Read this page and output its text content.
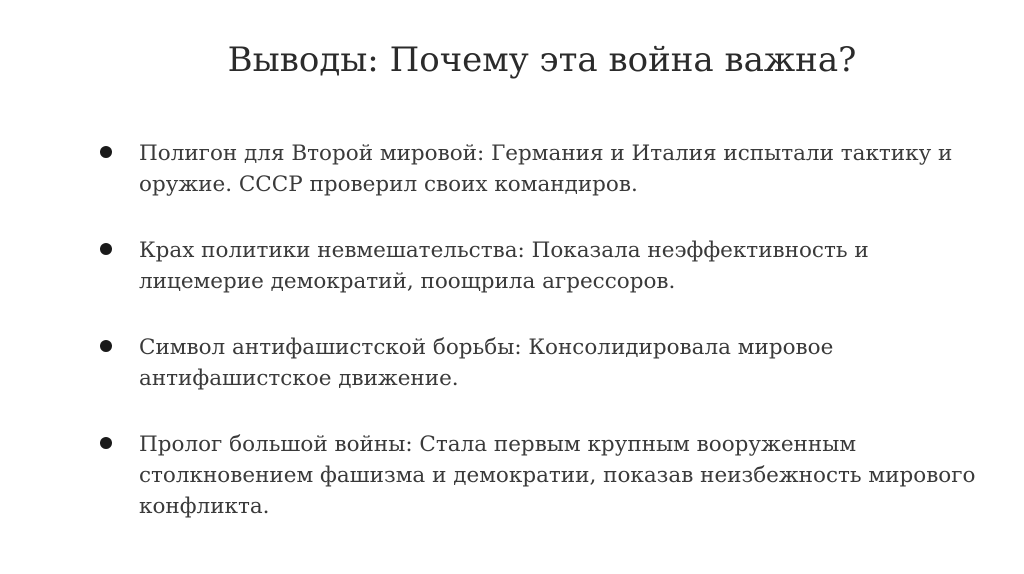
Выводы: Почему эта война важна?
Полигон для Второй мировой: Германия и Италия испытали тактику и оружие. СССР проверил своих командиров.
Крах политики невмешательства: Показала неэффективность и лицемерие демократий, поощрила агрессоров.
Символ антифашистской борьбы: Консолидировала мировое антифашистское движение.
Пролог большой войны: Стала первым крупным вооруженным столкновением фашизма и демократии, показав неизбежность мирового конфликта.
